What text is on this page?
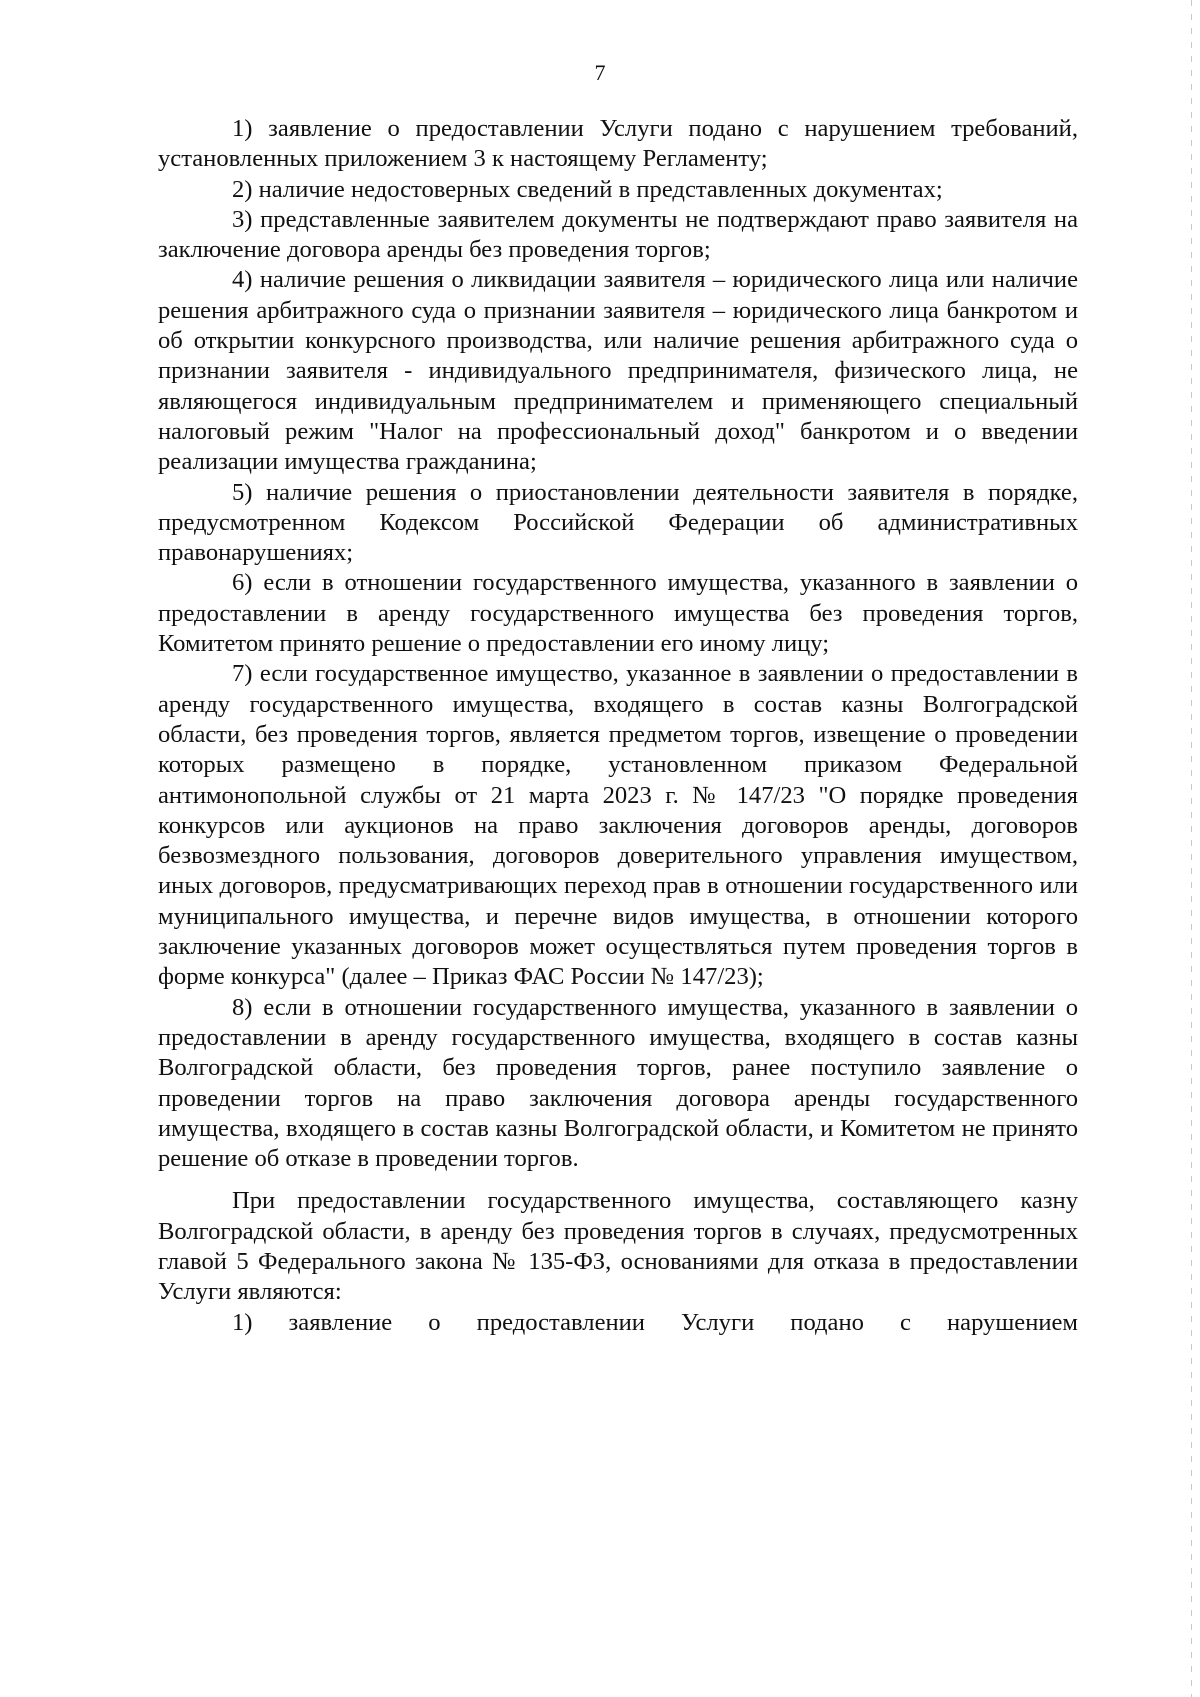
7

1) заявление о предоставлении Услуги подано с нарушением требований, установленных приложением 3 к настоящему Регламенту;

2) наличие недостоверных сведений в представленных документах;

3) представленные заявителем документы не подтверждают право заявителя на заключение договора аренды без проведения торгов;

4) наличие решения о ликвидации заявителя – юридического лица или наличие решения арбитражного суда о признании заявителя – юридического лица банкротом и об открытии конкурсного производства, или наличие решения арбитражного суда о признании заявителя - индивидуального предпринимателя, физического лица, не являющегося индивидуальным предпринимателем и применяющего специальный налоговый режим "Налог на профессиональный доход" банкротом и о введении реализации имущества гражданина;

5) наличие решения о приостановлении деятельности заявителя в порядке, предусмотренном Кодексом Российской Федерации об административных правонарушениях;

6) если в отношении государственного имущества, указанного в заявлении о предоставлении в аренду государственного имущества без проведения торгов, Комитетом принято решение о предоставлении его иному лицу;

7) если государственное имущество, указанное в заявлении о предоставлении в аренду государственного имущества, входящего в состав казны Волгоградской области, без проведения торгов, является предметом торгов, извещение о проведении которых размещено в порядке, установленном приказом Федеральной антимонопольной службы от 21 марта 2023 г. № 147/23 "О порядке проведения конкурсов или аукционов на право заключения договоров аренды, договоров безвозмездного пользования, договоров доверительного управления имуществом, иных договоров, предусматривающих переход прав в отношении государственного или муниципального имущества, и перечне видов имущества, в отношении которого заключение указанных договоров может осуществляться путем проведения торгов в форме конкурса" (далее – Приказ ФАС России № 147/23);

8) если в отношении государственного имущества, указанного в заявлении о предоставлении в аренду государственного имущества, входящего в состав казны Волгоградской области, без проведения торгов, ранее поступило заявление о проведении торгов на право заключения договора аренды государственного имущества, входящего в состав казны Волгоградской области, и Комитетом не принято решение об отказе в проведении торгов.

При предоставлении государственного имущества, составляющего казну Волгоградской области, в аренду без проведения торгов в случаях, предусмотренных главой 5 Федерального закона № 135-ФЗ, основаниями для отказа в предоставлении Услуги являются:

1) заявление о предоставлении Услуги подано с нарушением
